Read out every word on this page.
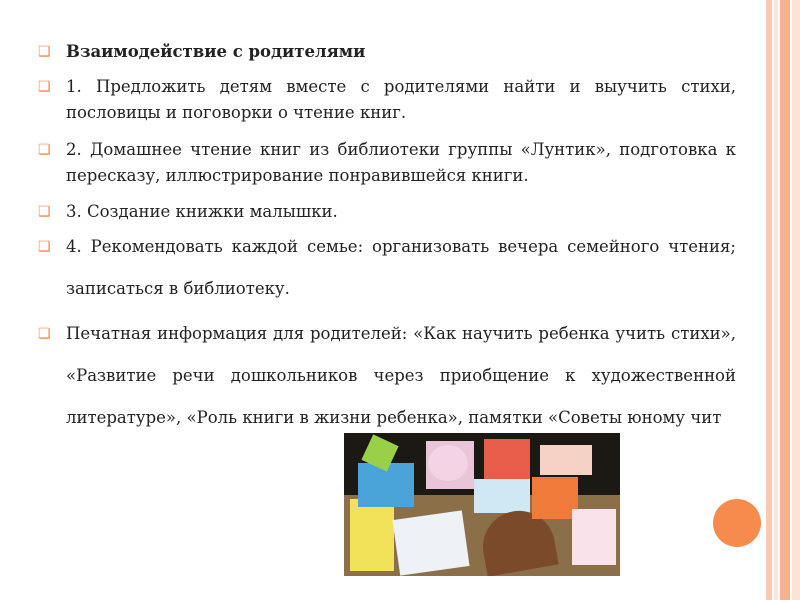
❑ Взаимодействие с родителями
❑ 1. Предложить детям вместе с родителями найти и выучить стихи, пословицы и поговорки о чтение книг.
❑ 2. Домашнее чтение книг из библиотеки группы «Лунтик», подготовка к пересказу, иллюстрирование понравившейся книги.
❑ 3. Создание книжки малышки.
❑ 4. Рекомендовать каждой семье: организовать вечера семейного чтения; записаться в библиотеку.
❑ Печатная информация для родителей: «Как научить ребенка учить стихи», «Развитие речи дошкольников через приобщение к художественной литературе», «Роль книги в жизни ребенка», памятки «Советы юному чит
